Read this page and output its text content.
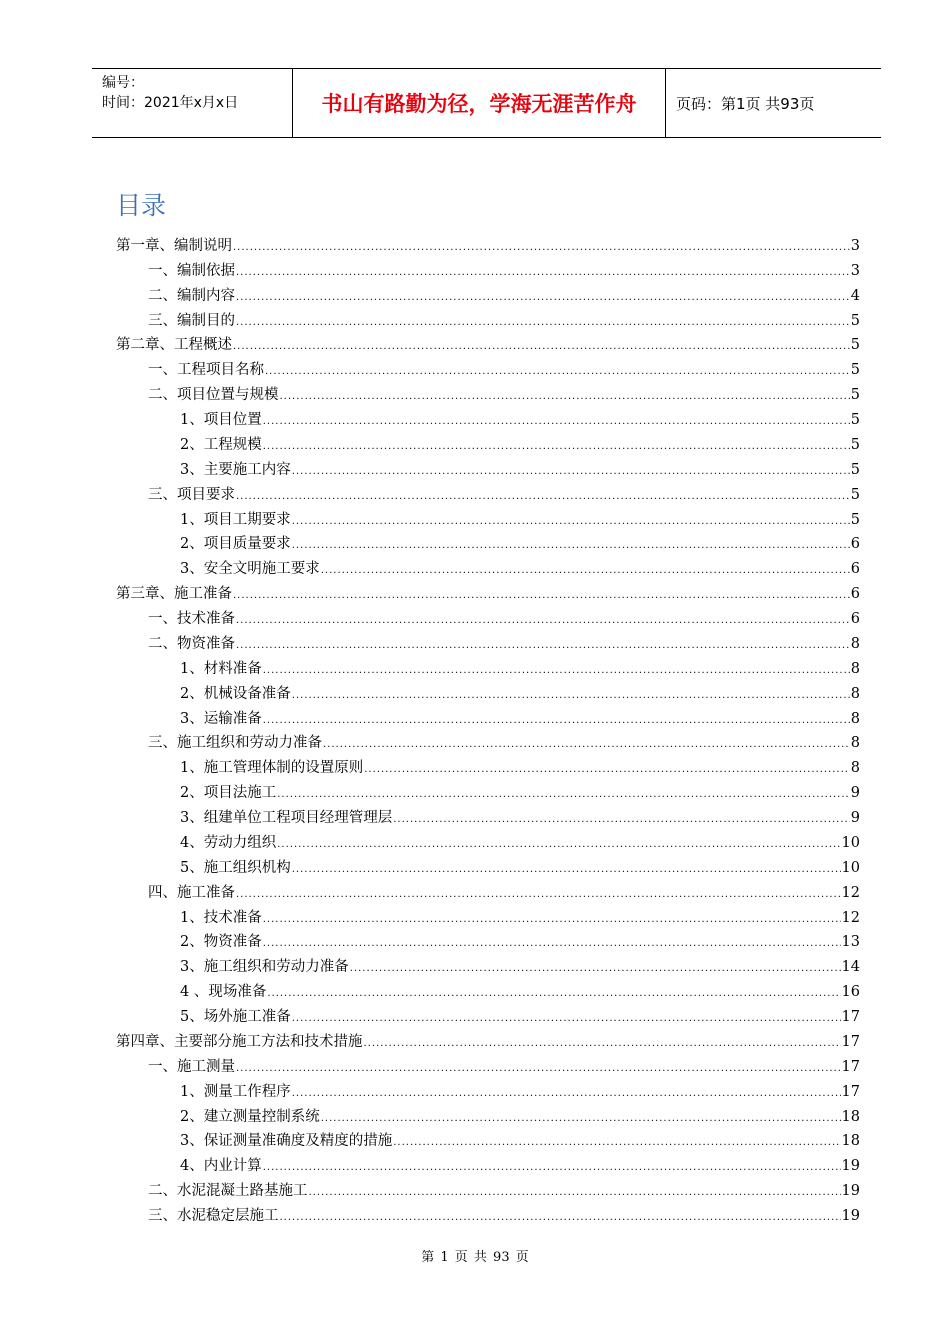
编号：
时间：2021年x月x日	书山有路勤为径，学海无涯苦作舟	页码：第1页 共93页
目录
第一章、编制说明 .....	3
一、编制依据 .....	3
二、编制内容 .....	4
三、编制目的 .....	5
第二章、工程概述 .....	5
一、工程项目名称 .....	5
二、项目位置与规模 .....	5
1、项目位置 .....	5
2、工程规模 .....	5
3、主要施工内容 .....	5
三、项目要求 .....	5
1、项目工期要求 .....	5
2、项目质量要求 .....	6
3、安全文明施工要求 .....	6
第三章、施工准备 .....	6
一、技术准备 .....	6
二、物资准备 .....	8
1、材料准备 .....	8
2、机械设备准备 .....	8
3、运输准备 .....	8
三、施工组织和劳动力准备 .....	8
1、施工管理体制的设置原则 .....	8
2、项目法施工 .....	9
3、组建单位工程项目经理管理层 .....	9
4、劳动力组织 .....	10
5、施工组织机构 .....	10
四、施工准备 .....	12
1、技术准备 .....	12
2、物资准备 .....	13
3、施工组织和劳动力准备 .....	14
4 、现场准备 .....	16
5、场外施工准备 .....	17
第四章、主要部分施工方法和技术措施 .....	17
一、施工测量 .....	17
1、测量工作程序 .....	17
2、建立测量控制系统 .....	18
3、保证测量准确度及精度的措施 .....	18
4、内业计算 .....	19
二、水泥混凝土路基施工 .....	19
三、水泥稳定层施工 .....	19
第 1 页 共 93 页
